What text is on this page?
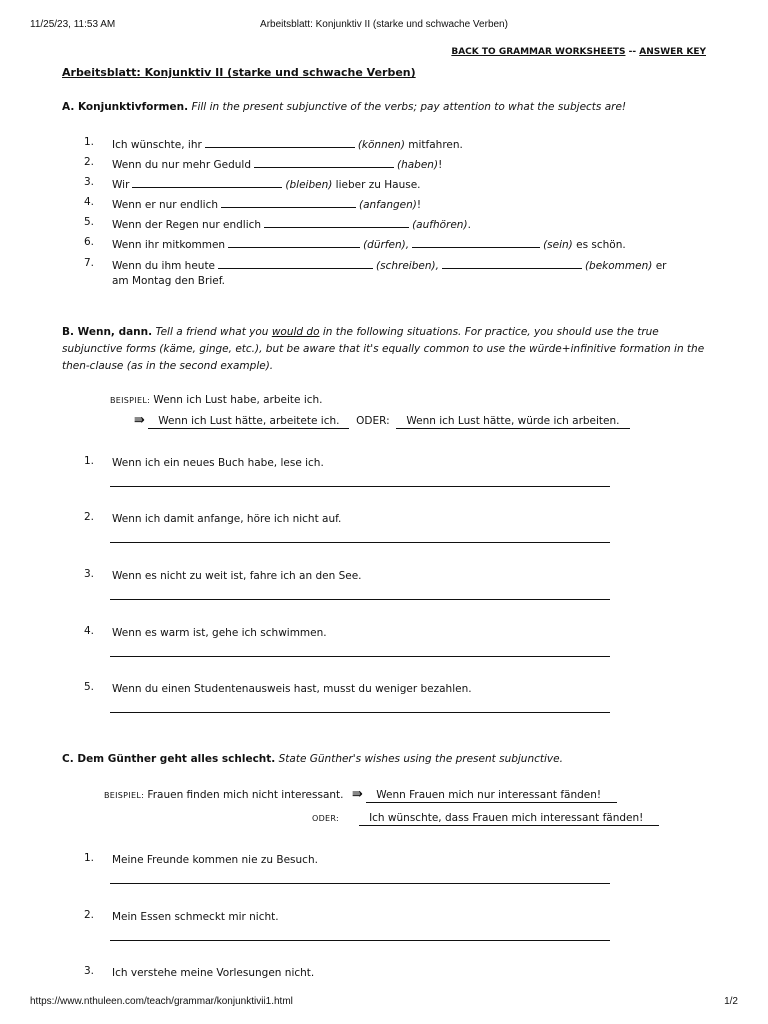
11/25/23, 11:53 AM	Arbeitsblatt: Konjunktiv II (starke und schwache Verben)
BACK TO GRAMMAR WORKSHEETS -- ANSWER KEY
Arbeitsblatt: Konjunktiv II (starke und schwache Verben)
A. Konjunktivformen. Fill in the present subjunctive of the verbs; pay attention to what the subjects are!
1. Ich wünschte, ihr	(können) mitfahren.
2. Wenn du nur mehr Geduld	(haben)!
3. Wir	(bleiben) lieber zu Hause.
4. Wenn er nur endlich	(anfangen)!
5. Wenn der Regen nur endlich	(aufhören).
6. Wenn ihr mitkommen	(dürfen),	(sein) es schön.
7. Wenn du ihm heute	(schreiben),	(bekommen) er
am Montag den Brief.
B. Wenn, dann. Tell a friend what you would do in the following situations. For practice, you should use the true subjunctive forms (käme, ginge, etc.), but be aware that it's equally common to use the würde+infinitive formation in the then-clause (as in the second example).
BEISPIEL: Wenn ich Lust habe, arbeite ich.
⇛ Wenn ich Lust hätte, arbeitete ich. ODER: Wenn ich Lust hätte, würde ich arbeiten.
1. Wenn ich ein neues Buch habe, lese ich.
2. Wenn ich damit anfange, höre ich nicht auf.
3. Wenn es nicht zu weit ist, fahre ich an den See.
4. Wenn es warm ist, gehe ich schwimmen.
5. Wenn du einen Studentenausweis hast, musst du weniger bezahlen.
C. Dem Günther geht alles schlecht. State Günther's wishes using the present subjunctive.
BEISPIEL: Frauen finden mich nicht interessant. ⇛ Wenn Frauen mich nur interessant fänden!
ODER:	Ich wünschte, dass Frauen mich interessant fänden!
1. Meine Freunde kommen nie zu Besuch.
2. Mein Essen schmeckt mir nicht.
3. Ich verstehe meine Vorlesungen nicht.
https://www.nthuleen.com/teach/grammar/konjunktivii1.html	1/2
